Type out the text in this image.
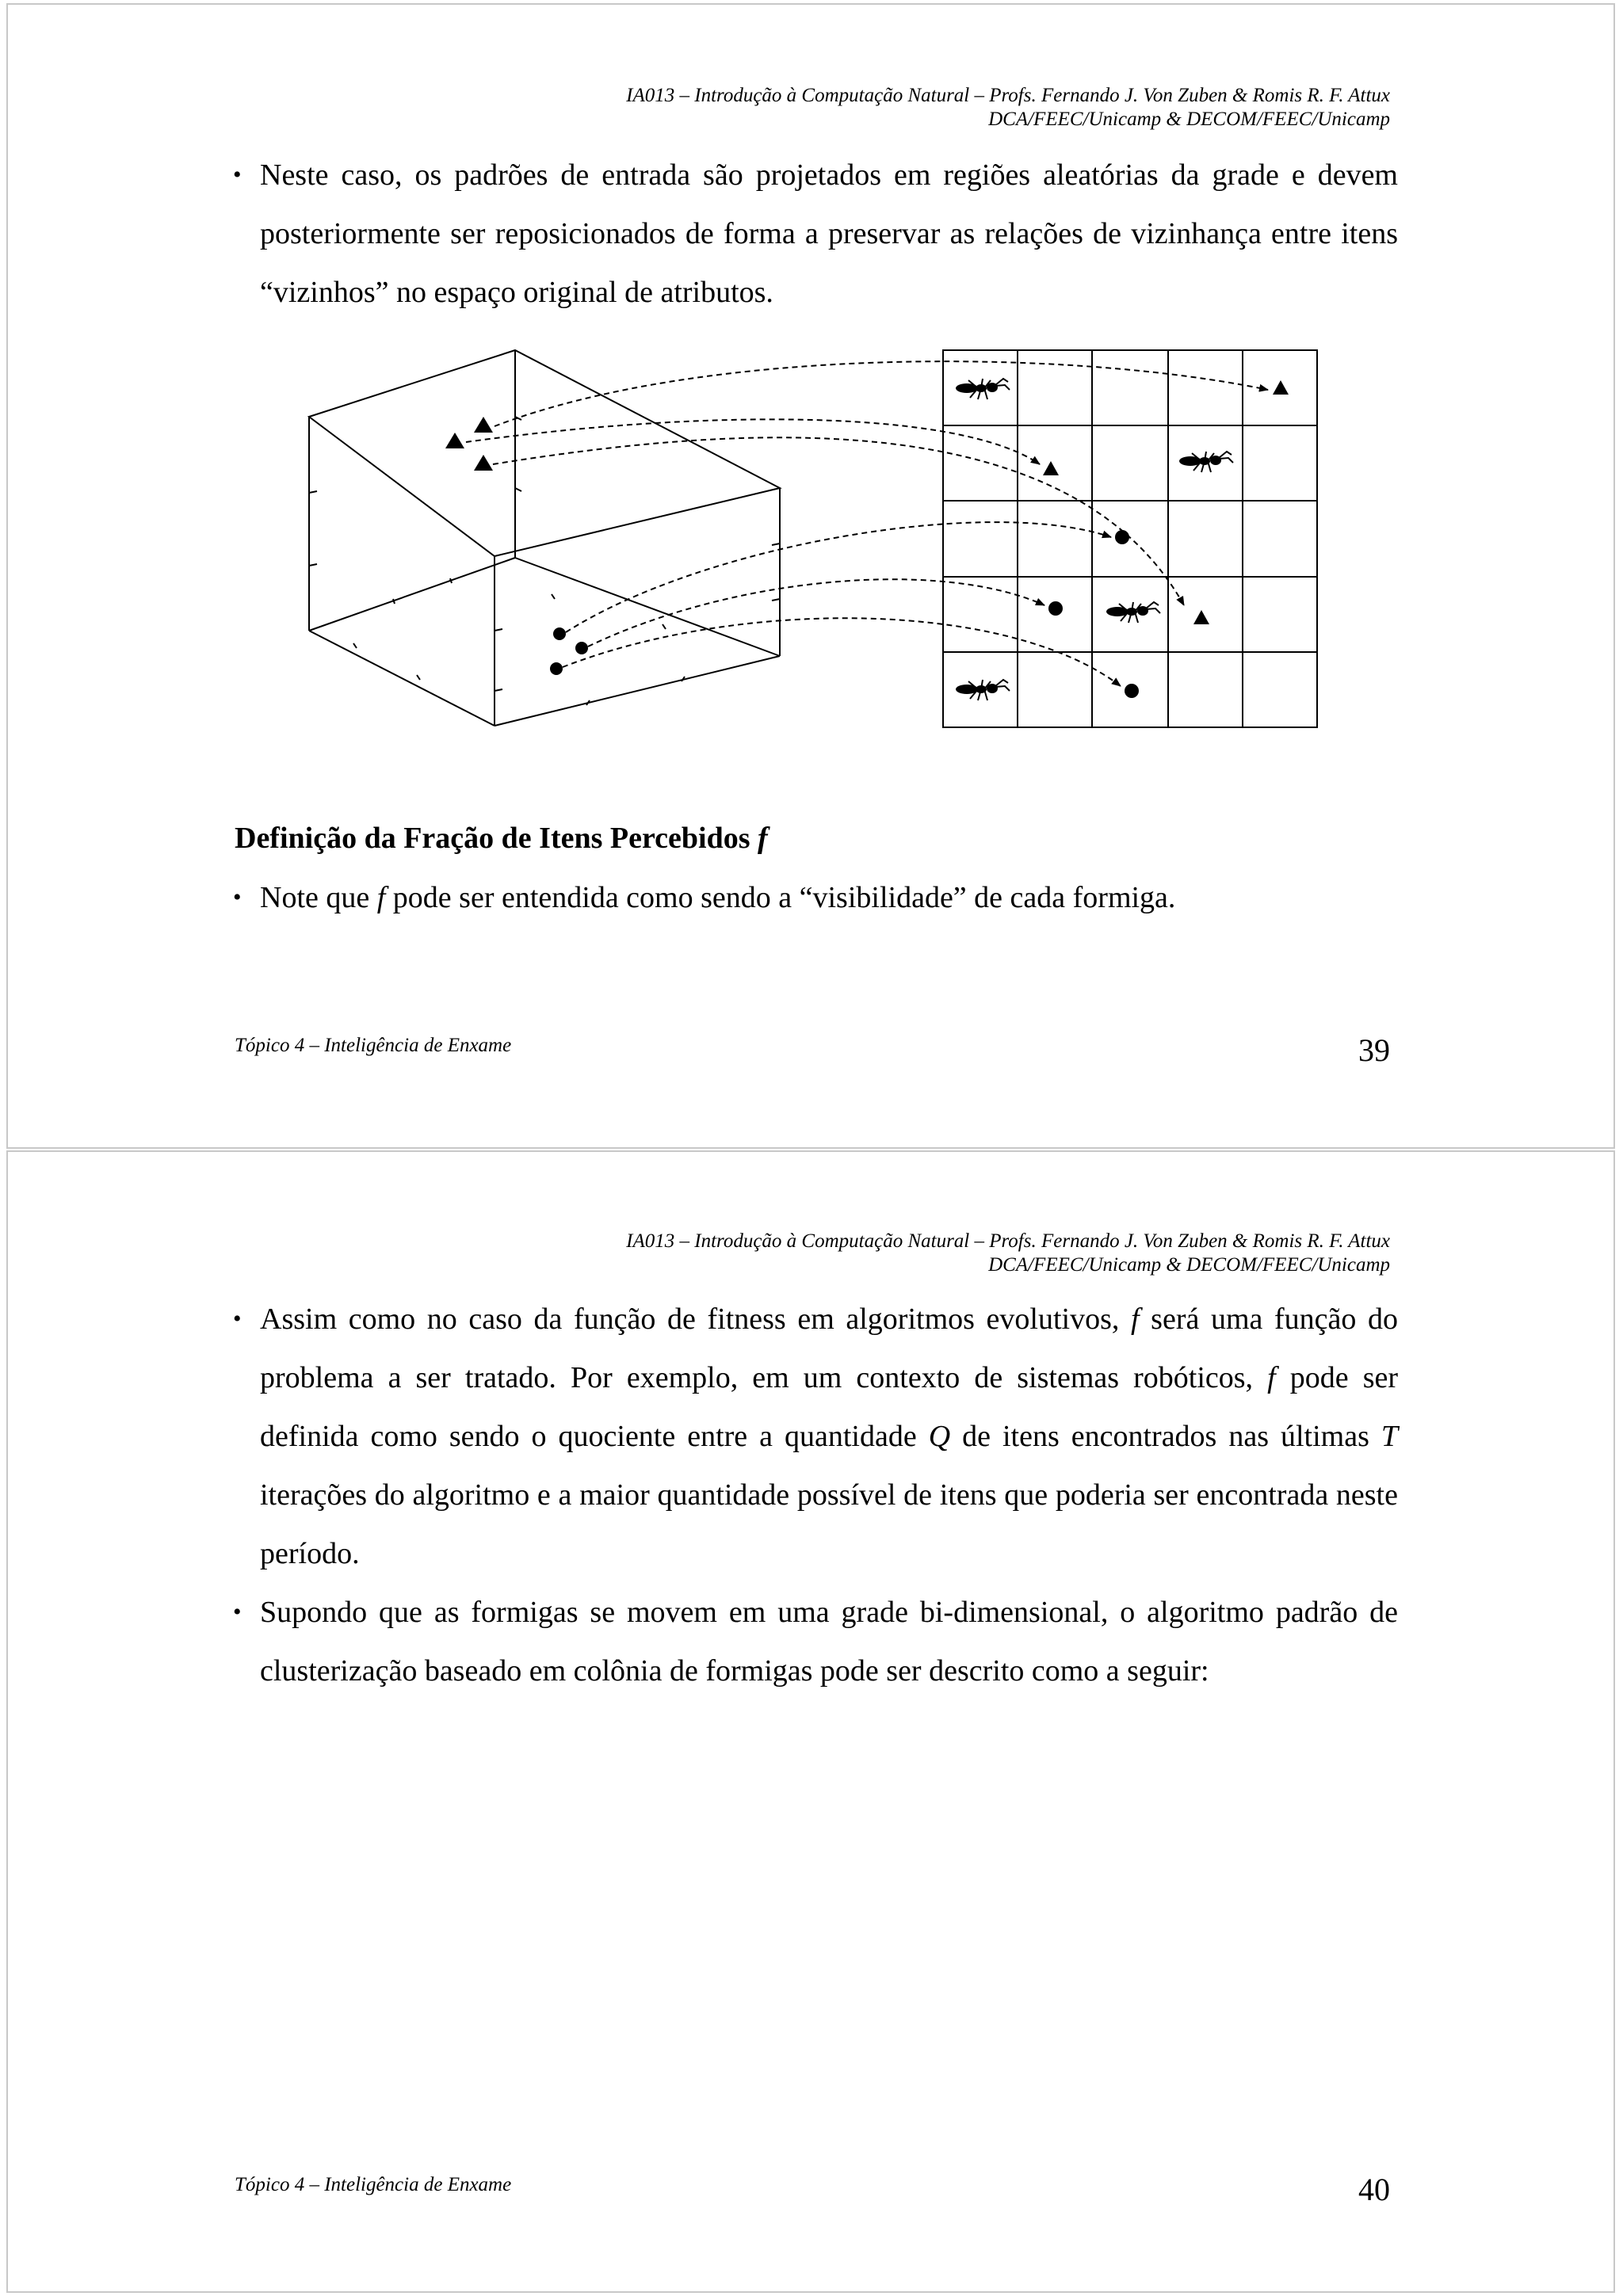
IA013 – Introdução à Computação Natural – Profs. Fernando J. Von Zuben & Romis R. F. Attux
DCA/FEEC/Unicamp & DECOM/FEEC/Unicamp
• Neste caso, os padrões de entrada são projetados em regiões aleatórias da grade e devem posteriormente ser reposicionados de forma a preservar as relações de vizinhança entre itens “vizinhos” no espaço original de atributos.

Definição da Fração de Itens Percebidos f
• Note que f pode ser entendida como sendo a “visibilidade” de cada formiga.

Tópico 4 – Inteligência de Enxame	39
IA013 – Introdução à Computação Natural – Profs. Fernando J. Von Zuben & Romis R. F. Attux
DCA/FEEC/Unicamp & DECOM/FEEC/Unicamp
• Assim como no caso da função de fitness em algoritmos evolutivos, f será uma função do problema a ser tratado. Por exemplo, em um contexto de sistemas robóticos, f pode ser definida como sendo o quociente entre a quantidade Q de itens encontrados nas últimas T iterações do algoritmo e a maior quantidade possível de itens que poderia ser encontrada neste período.

• Supondo que as formigas se movem em uma grade bi-dimensional, o algoritmo padrão de clusterização baseado em colônia de formigas pode ser descrito como a seguir:

Tópico 4 – Inteligência de Enxame	40
